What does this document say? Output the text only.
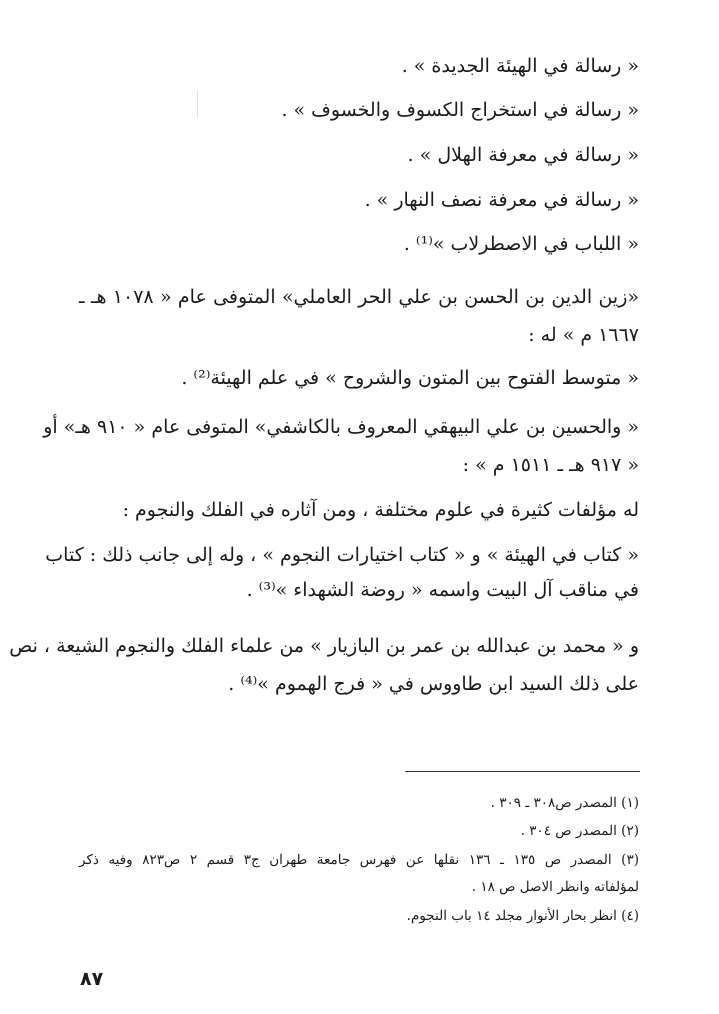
« رسالة في الهيئة الجديدة » .
« رسالة في استخراج الكسوف والخسوف » .
« رسالة في معرفة الهلال » .
« رسالة في معرفة نصف النهار » .
« اللباب في الاصطرلاب »⁽¹⁾ .
«زين الدين بن الحسن بن علي الحر العاملي» المتوفى عام « ١٠٧٨ هـ ـ
١٦٦٧ م » له :
« متوسط الفتوح بين المتون والشروح » في علم الهيئة⁽²⁾ .
« والحسين بن علي البيهقي المعروف بالكاشفي» المتوفى عام « ٩١٠ هـ» أو
« ٩١٧ هـ ـ ١٥١١ م » :
له مؤلفات كثيرة في علوم مختلفة ، ومن آثاره في الفلك والنجوم :
« كتاب في الهيئة » و « كتاب اختيارات النجوم » ، وله إلى جانب ذلك : كتاب
في مناقب آل البيت واسمه « روضة الشهداء »⁽³⁾ .
و « محمد بن عبدالله بن عمر بن البازيار » من علماء الفلك والنجوم الشيعة ، نص
على ذلك السيد ابن طاووس في « فرج الهموم »⁽⁴⁾ .
(١) المصدر ص٣٠٨ ـ ٣٠٩ .
(٢) المصدر ص ٣٠٤ .
(٣) المصدر ص ١٣٥ ـ ١٣٦ نقلها عن فهرس جامعة طهران ج٣ قسم ٢ ص٨٢٣ وفيه ذكر
لمؤلفاته وانظر الاصل ص ١٨ .
(٤) انظر بحار الأنوار مجلد ١٤ باب النجوم.
٨٧
